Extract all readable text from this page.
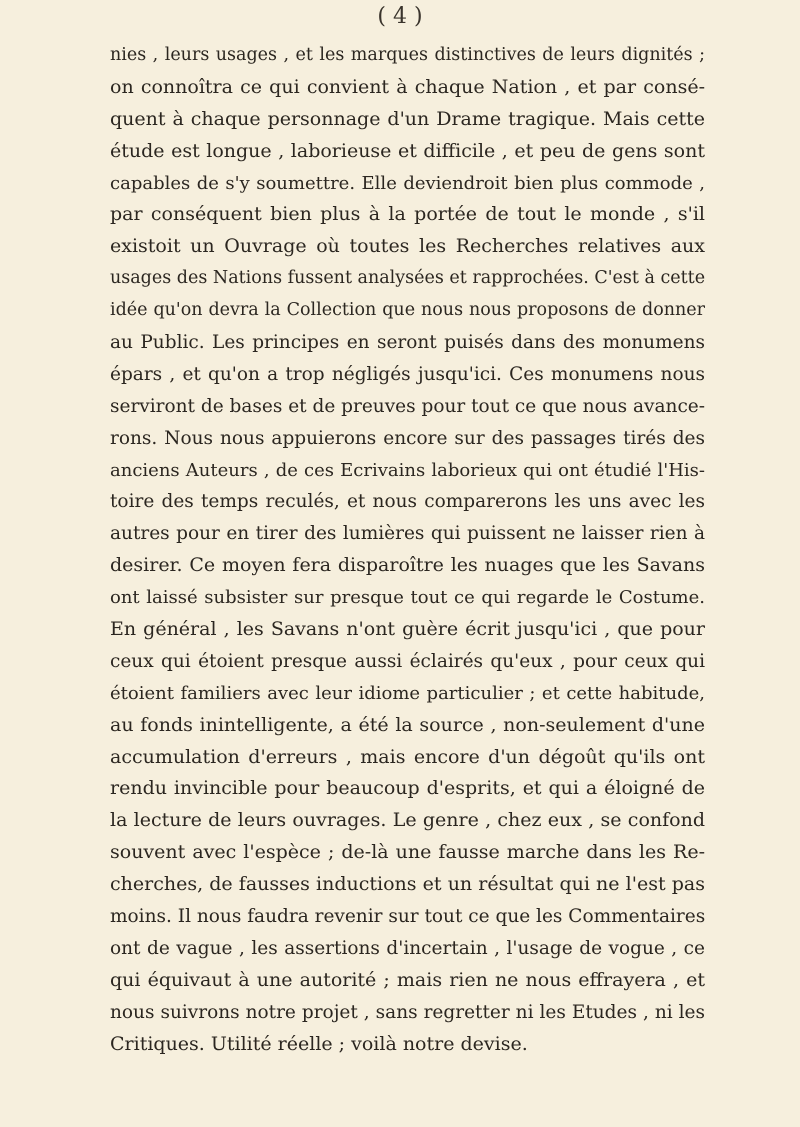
( 4 )
nies , leurs usages , et les marques distinctives de leurs dignités ;
on connoîtra ce qui convient à chaque Nation , et par consé-
quent à chaque personnage d'un Drame tragique. Mais cette
étude est longue , laborieuse et difficile , et peu de gens sont
capables de s'y soumettre. Elle deviendroit bien plus commode ,
par conséquent bien plus à la portée de tout le monde , s'il
existoit un Ouvrage où toutes les Recherches relatives aux
usages des Nations fussent analysées et rapprochées. C'est à cette
idée qu'on devra la Collection que nous nous proposons de donner
au Public. Les principes en seront puisés dans des monumens
épars , et qu'on a trop négligés jusqu'ici. Ces monumens nous
serviront de bases et de preuves pour tout ce que nous avance-
rons. Nous nous appuierons encore sur des passages tirés des
anciens Auteurs , de ces Ecrivains laborieux qui ont étudié l'His-
toire des temps reculés, et nous comparerons les uns avec les
autres pour en tirer des lumières qui puissent ne laisser rien à
desirer. Ce moyen fera disparoître les nuages que les Savans
ont laissé subsister sur presque tout ce qui regarde le Costume.
En général , les Savans n'ont guère écrit jusqu'ici , que pour
ceux qui étoient presque aussi éclairés qu'eux , pour ceux qui
étoient familiers avec leur idiome particulier ; et cette habitude,
au fonds inintelligente, a été la source , non-seulement d'une
accumulation d'erreurs , mais encore d'un dégoût qu'ils ont
rendu invincible pour beaucoup d'esprits, et qui a éloigné de
la lecture de leurs ouvrages. Le genre , chez eux , se confond
souvent avec l'espèce ; de-là une fausse marche dans les Re-
cherches, de fausses inductions et un résultat qui ne l'est pas
moins. Il nous faudra revenir sur tout ce que les Commentaires
ont de vague , les assertions d'incertain , l'usage de vogue , ce
qui équivaut à une autorité ; mais rien ne nous effrayera , et
nous suivrons notre projet , sans regretter ni les Etudes , ni les
Critiques. Utilité réelle ; voilà notre devise.
